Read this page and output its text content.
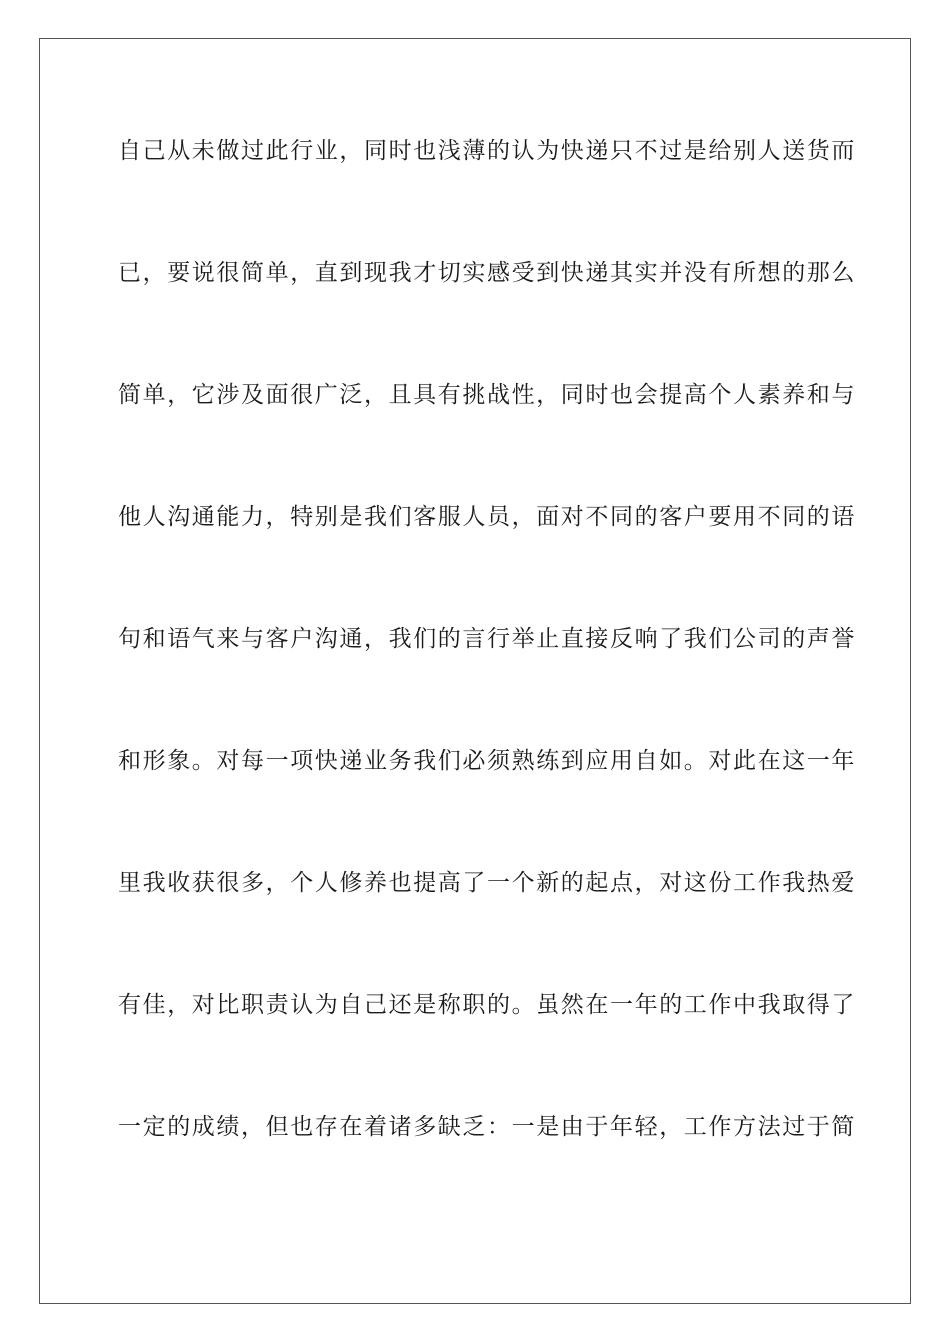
自己从未做过此行业，同时也浅薄的认为快递只不过是给别人送货而
已，要说很简单，直到现我才切实感受到快递其实并没有所想的那么
简单，它涉及面很广泛，且具有挑战性，同时也会提高个人素养和与
他人沟通能力，特别是我们客服人员，面对不同的客户要用不同的语
句和语气来与客户沟通，我们的言行举止直接反响了我们公司的声誉
和形象。对每一项快递业务我们必须熟练到应用自如。对此在这一年
里我收获很多，个人修养也提高了一个新的起点，对这份工作我热爱
有佳，对比职责认为自己还是称职的。虽然在一年的工作中我取得了
一定的成绩，但也存在着诸多缺乏：一是由于年轻，工作方法过于简
